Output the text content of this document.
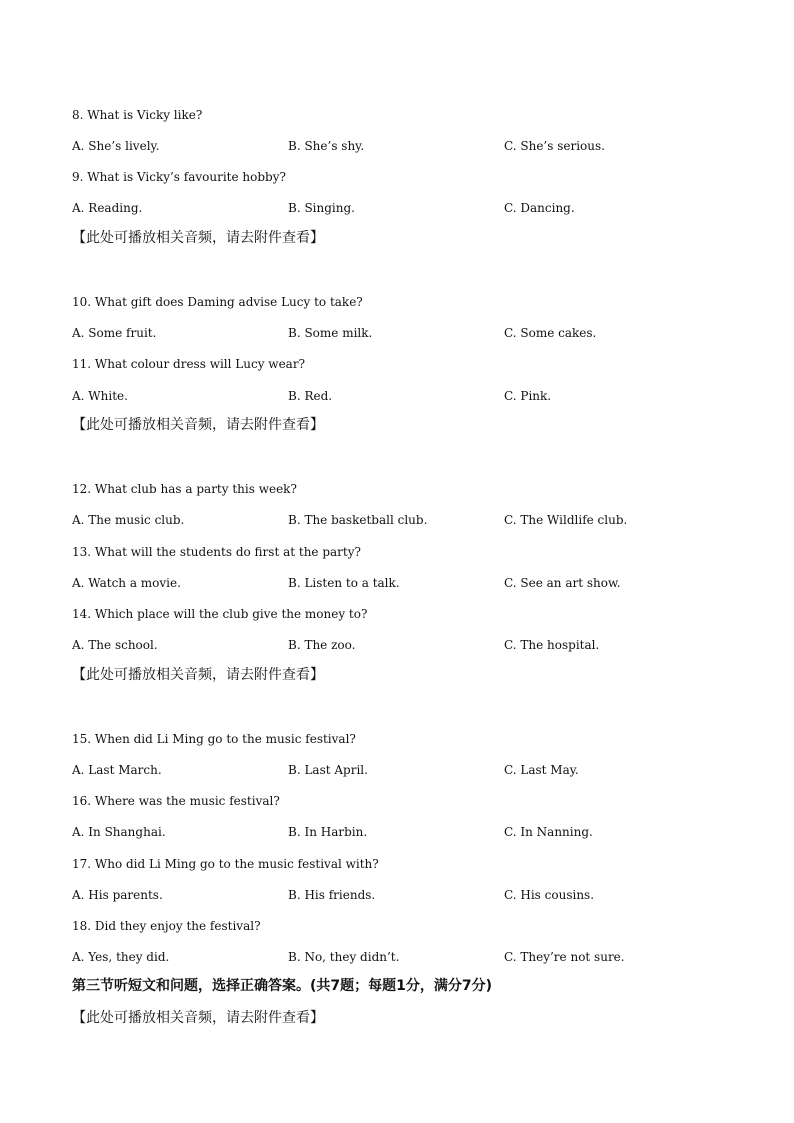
8. What is Vicky like?
A. She’s lively.	B. She’s shy.	C. She’s serious.
9. What is Vicky’s favourite hobby?
A. Reading.	B. Singing.	C. Dancing.
【此处可播放相关音频，请去附件查看】
10. What gift does Daming advise Lucy to take?
A. Some fruit.	B. Some milk.	C. Some cakes.
11. What colour dress will Lucy wear?
A. White.	B. Red.	C. Pink.
【此处可播放相关音频，请去附件查看】
12. What club has a party this week?
A. The music club.	B. The basketball club.	C. The Wildlife club.
13. What will the students do first at the party?
A. Watch a movie.	B. Listen to a talk.	C. See an art show.
14. Which place will the club give the money to?
A. The school.	B. The zoo.	C. The hospital.
【此处可播放相关音频，请去附件查看】
15. When did Li Ming go to the music festival?
A. Last March.	B. Last April.	C. Last May.
16. Where was the music festival?
A. In Shanghai.	B. In Harbin.	C. In Nanning.
17. Who did Li Ming go to the music festival with?
A. His parents.	B. His friends.	C. His cousins.
18. Did they enjoy the festival?
A. Yes, they did.	B. No, they didn’t.	C. They’re not sure.
第三节听短文和问题，选择正确答案。(共7题；每题1分，满分7分)
【此处可播放相关音频，请去附件查看】
